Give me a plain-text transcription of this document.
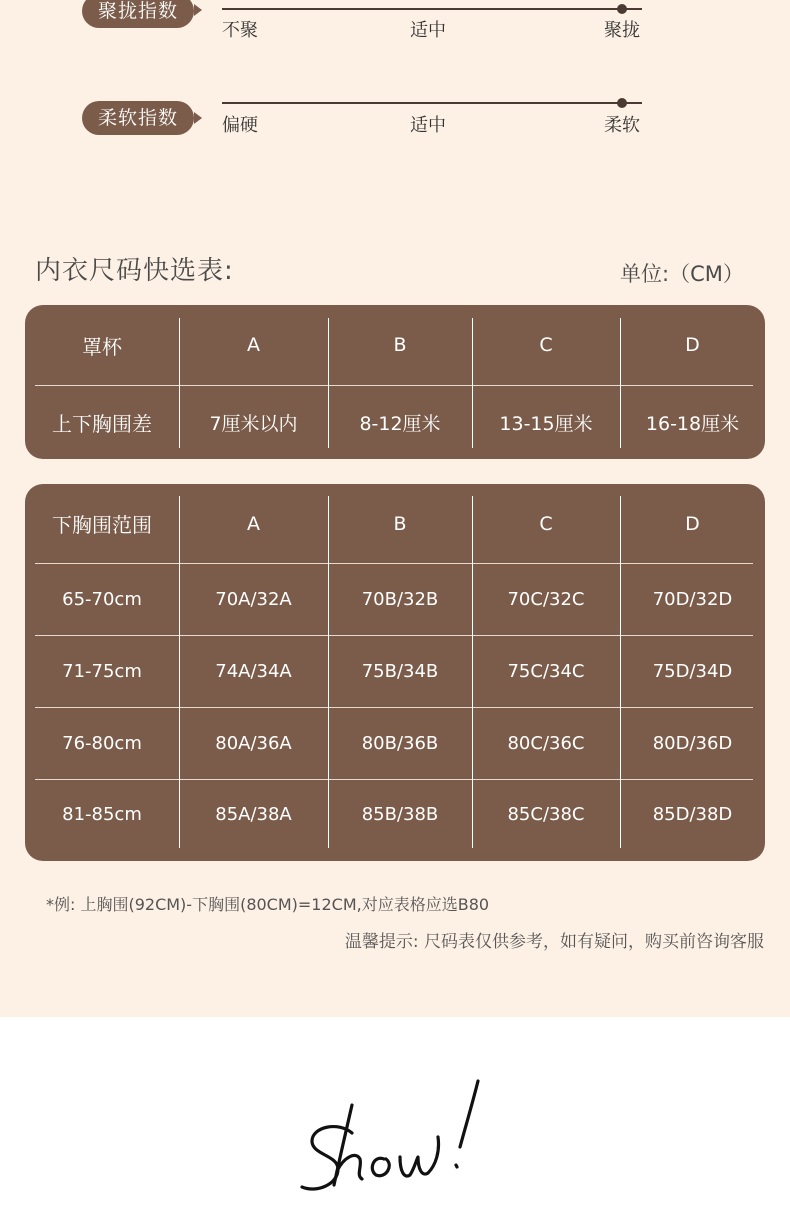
聚拢指数
不聚	适中	聚拢
柔软指数	偏硬	适中	柔软
内衣尺码快选表:	单位:（CM）
罩杯	A	B	C	D
上下胸围差	7厘米以内	8-12厘米	13-15厘米	16-18厘米
下胸围范围	A	B	C	D
65-70cm	70A/32A	70B/32B	70C/32C	70D/32D
71-75cm	74A/34A	75B/34B	75C/34C	75D/34D
76-80cm	80A/36A	80B/36B	80C/36C	80D/36D
81-85cm	85A/38A	85B/38B	85C/38C	85D/38D
*例: 上胸围(92CM)-下胸围(80CM)=12CM,对应表格应选B80
温馨提示: 尺码表仅供参考，如有疑问，购买前咨询客服
